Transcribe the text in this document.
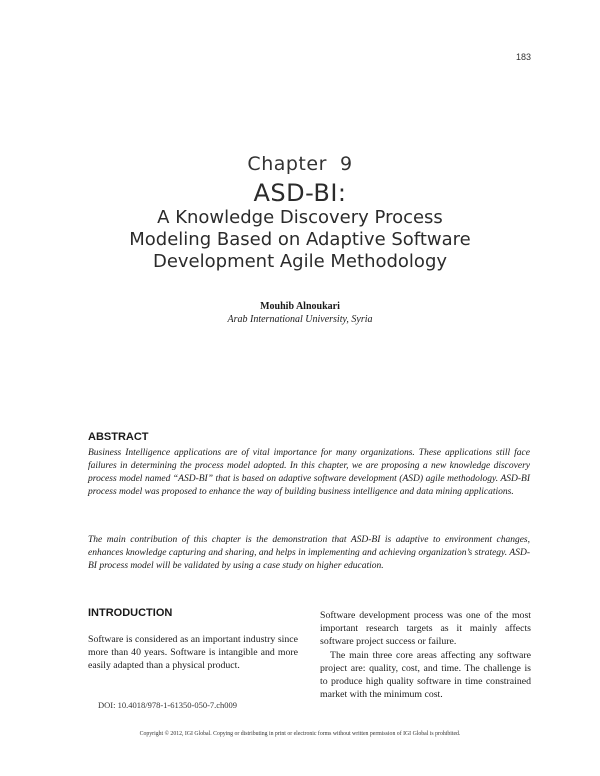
183
Chapter  9
ASD-BI:
A Knowledge Discovery Process
Modeling Based on Adaptive Software
Development Agile Methodology
Mouhib Alnoukari
Arab International University, Syria
ABSTRACT

Business Intelligence applications are of vital importance for many organizations. These applications still face failures in determining the process model adopted. In this chapter, we are proposing a new knowledge discovery process model named “ASD-BI” that is based on adaptive software development (ASD) agile methodology. ASD-BI process model was proposed to enhance the way of building business intelligence and data mining applications.

The main contribution of this chapter is the demonstration that ASD-BI is adaptive to environment changes, enhances knowledge capturing and sharing, and helps in implementing and achieving organization’s strategy. ASD-BI process model will be validated by using a case study on higher education.

INTRODUCTION

Software is considered as an important industry since more than 40 years. Software is intangible and more easily adapted than a physical product.

Software development process was one of the most important research targets as it mainly affects software project success or failure.

The main three core areas affecting any software project are: quality, cost, and time. The challenge is to produce high quality software in time constrained market with the minimum cost.

DOI: 10.4018/978-1-61350-050-7.ch009
Copyright © 2012, IGI Global. Copying or distributing in print or electronic forms without written permission of IGI Global is prohibited.
